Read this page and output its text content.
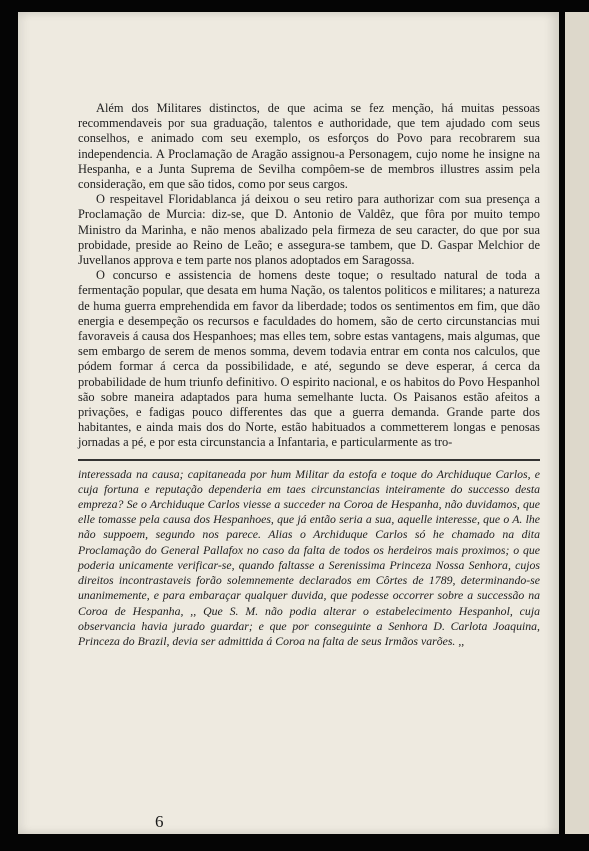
Além dos Militares distinctos, de que acima se fez menção, há muitas pessoas recommendaveis por sua graduação, talentos e authoridade, que tem ajudado com seus conselhos, e animado com seu exemplo, os esforços do Povo para recobrarem sua independencia. A Proclamação de Aragão assignou-a Personagem, cujo nome he insigne na Hespanha, e a Junta Suprema de Sevilha compôem-se de membros illustres assim pela consideração, em que são tidos, como por seus cargos.

O respeitavel Floridablanca já deixou o seu retiro para authorizar com sua presença a Proclamação de Murcia: diz-se, que D. Antonio de Valdêz, que fôra por muito tempo Ministro da Marinha, e não menos abalizado pela firmeza de seu caracter, do que por sua probidade, preside ao Reino de Leão; e assegura-se tambem, que D. Gaspar Melchior de Juvellanos approva e tem parte nos planos adoptados em Saragossa.

O concurso e assistencia de homens deste toque; o resultado natural de toda a fermentação popular, que desata em huma Nação, os talentos politicos e militares; a natureza de huma guerra emprehendida em favor da liberdade; todos os sentimentos em fim, que dão energia e desempeção os recursos e faculdades do homem, são de certo circunstancias mui favoraveis á causa dos Hespanhoes; mas elles tem, sobre estas vantagens, mais algumas, que sem embargo de serem de menos somma, devem todavia entrar em conta nos calculos, que pódem formar á cerca da possibilidade, e até, segundo se deve esperar, á cerca da probabilidade de hum triunfo definitivo. O espirito nacional, e os habitos do Povo Hespanhol são sobre maneira adaptados para huma semelhante lucta. Os Paisanos estão afeitos a privações, e fadigas pouco differentes das que a guerra demanda. Grande parte dos habitantes, e ainda mais dos do Norte, estão habituados a commetterem longas e penosas jornadas a pé, e por esta circunstancia a Infantaria, e particularmente as tro-

interessada na causa; capitaneada por hum Militar da estofa e toque do Archiduque Carlos, e cuja fortuna e reputação dependeria em taes circunstancias inteiramente do successo desta empreza? Se o Archiduque Carlos viesse a succeder na Coroa de Hespanha, não duvidamos, que elle tomasse pela causa dos Hespanhoes, que já então seria a sua, aquelle interesse, que o A. lhe não suppoem, segundo nos parece. Alias o Archiduque Carlos só he chamado na dita Proclamação do General Pallafox no caso da falta de todos os herdeiros mais proximos; o que poderia unicamente verificar-se, quando faltasse a Serenissima Princeza Nossa Senhora, cujos direitos incontrastaveis forão solemnemente declarados em Côrtes de 1789, determinando-se unanimemente, e para embaraçar qualquer duvida, que podesse occorrer sobre a successão na Coroa de Hespanha, ,, Que S. M. não podia alterar o estabelecimento Hespanhol, cuja observancia havia jurado guardar; e que por conseguinte a Senhora D. Carlota Joaquina, Princeza do Brazil, devia ser admittida á Coroa na falta de seus Irmãos varões. ,,

6
